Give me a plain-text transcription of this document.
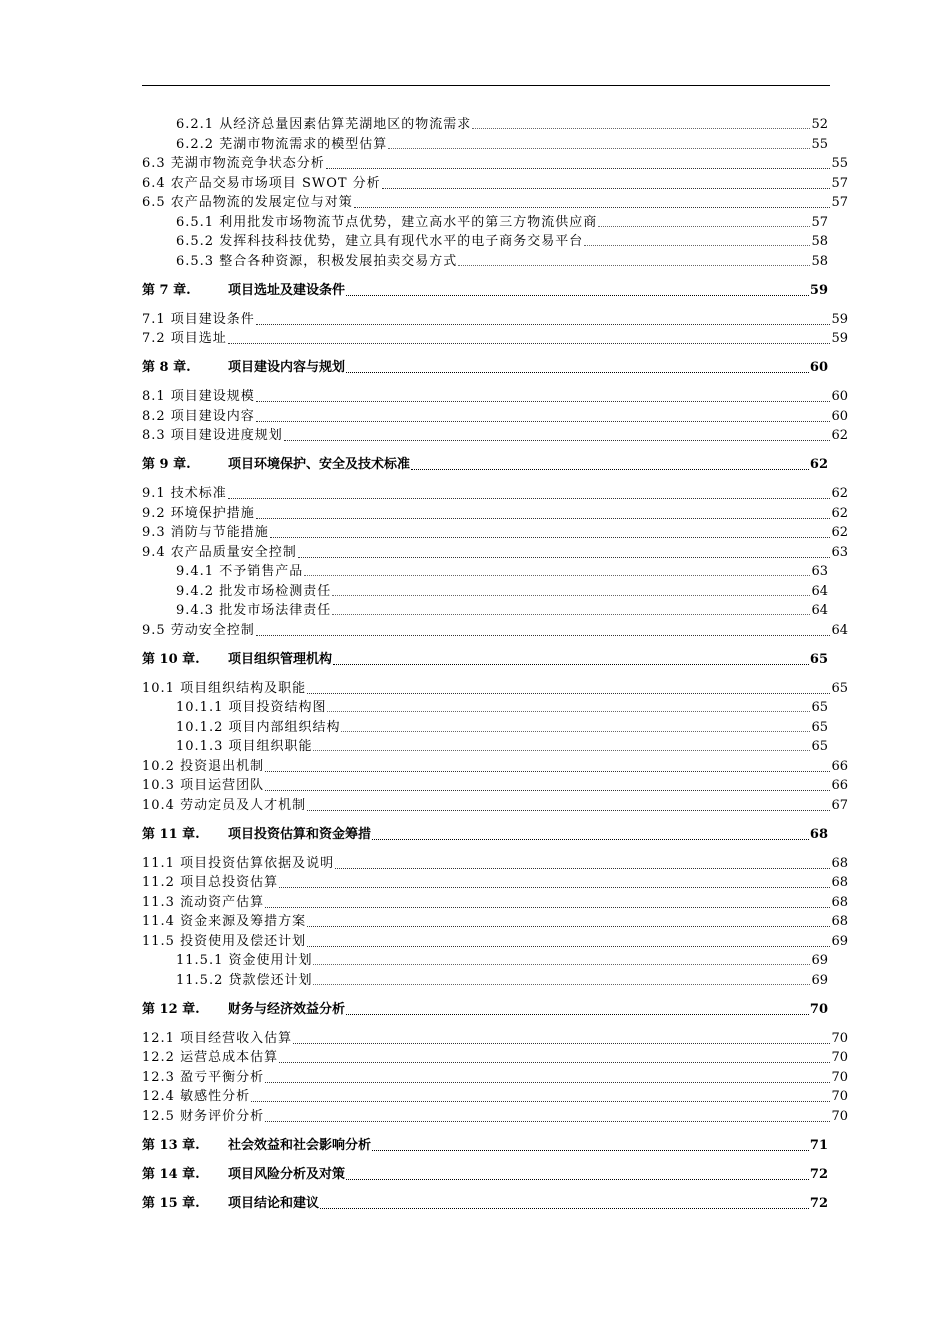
6.2.1 从经济总量因素估算芜湖地区的物流需求	52
6.2.2 芜湖市物流需求的模型估算	55
6.3 芜湖市物流竞争状态分析	55
6.4 农产品交易市场项目 SWOT 分析	57
6.5 农产品物流的发展定位与对策	57
6.5.1 利用批发市场物流节点优势，建立高水平的第三方物流供应商	57
6.5.2 发挥科技科技优势，建立具有现代水平的电子商务交易平台	58
6.5.3 整合各种资源，积极发展拍卖交易方式	58
第 7 章.	项目选址及建设条件	59
7.1 项目建设条件	59
7.2 项目选址	59
第 8 章.	项目建设内容与规划	60
8.1 项目建设规模	60
8.2 项目建设内容	60
8.3 项目建设进度规划	62
第 9 章.	项目环境保护、安全及技术标准	62
9.1 技术标准	62
9.2 环境保护措施	62
9.3 消防与节能措施	62
9.4 农产品质量安全控制	63
9.4.1 不予销售产品	63
9.4.2 批发市场检测责任	64
9.4.3 批发市场法律责任	64
9.5 劳动安全控制	64
第 10 章. 项目组织管理机构	65
10.1 项目组织结构及职能	65
10.1.1 项目投资结构图	65
10.1.2 项目内部组织结构	65
10.1.3 项目组织职能	65
10.2 投资退出机制	66
10.3 项目运营团队	66
10.4 劳动定员及人才机制	67
第 11 章. 项目投资估算和资金筹措	68
11.1 项目投资估算依据及说明	68
11.2 项目总投资估算	68
11.3 流动资产估算	68
11.4 资金来源及筹措方案	68
11.5 投资使用及偿还计划	69
11.5.1 资金使用计划	69
11.5.2 贷款偿还计划	69
第 12 章. 财务与经济效益分析	70
12.1 项目经营收入估算	70
12.2 运营总成本估算	70
12.3 盈亏平衡分析	70
12.4 敏感性分析	70
12.5 财务评价分析	70
第 13 章. 社会效益和社会影响分析	71
第 14 章. 项目风险分析及对策	72
第 15 章. 项目结论和建议	72
